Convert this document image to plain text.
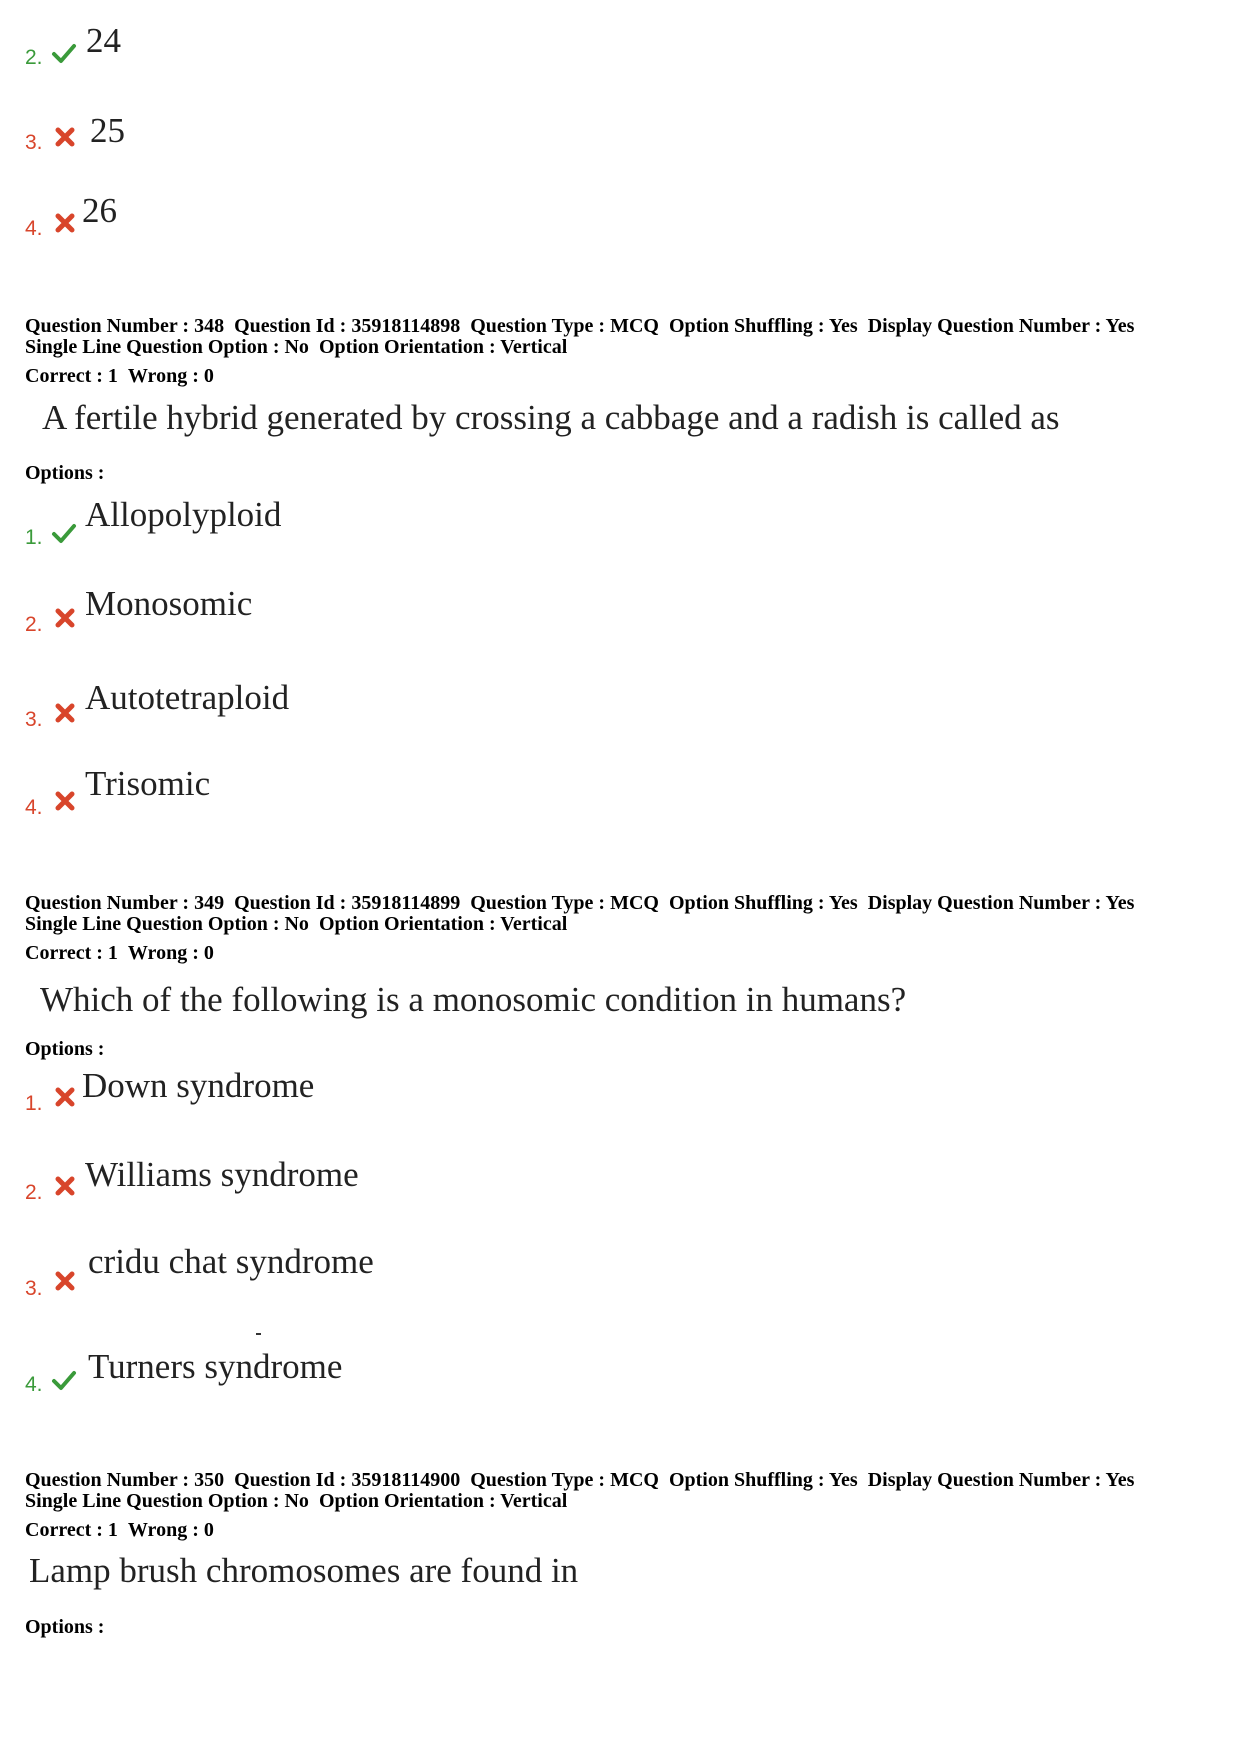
2. 24
3. 25
4. 26
Question Number : 348 Question Id : 35918114898 Question Type : MCQ Option Shuffling : Yes Display Question Number : Yes
Single Line Question Option : No Option Orientation : Vertical
Correct : 1 Wrong : 0
A fertile hybrid generated by crossing a cabbage and a radish is called as
Options :
1.
Allopolyploid
2.
Monosomic
3.
Autotetraploid
4.
Trisomic
Question Number : 349 Question Id : 35918114899 Question Type : MCQ Option Shuffling : Yes Display Question Number : Yes
Single Line Question Option : No Option Orientation : Vertical
Correct : 1 Wrong : 0
Which of the following is a monosomic condition in humans?
Options :
1. Down syndrome
2. Williams syndrome
3.
cridu chat syndrome
4. Turners syndrome
Question Number : 350 Question Id : 35918114900 Question Type : MCQ Option Shuffling : Yes Display Question Number : Yes
Single Line Question Option : No Option Orientation : Vertical
Correct : 1 Wrong : 0
Lamp brush chromosomes are found in
Options :
